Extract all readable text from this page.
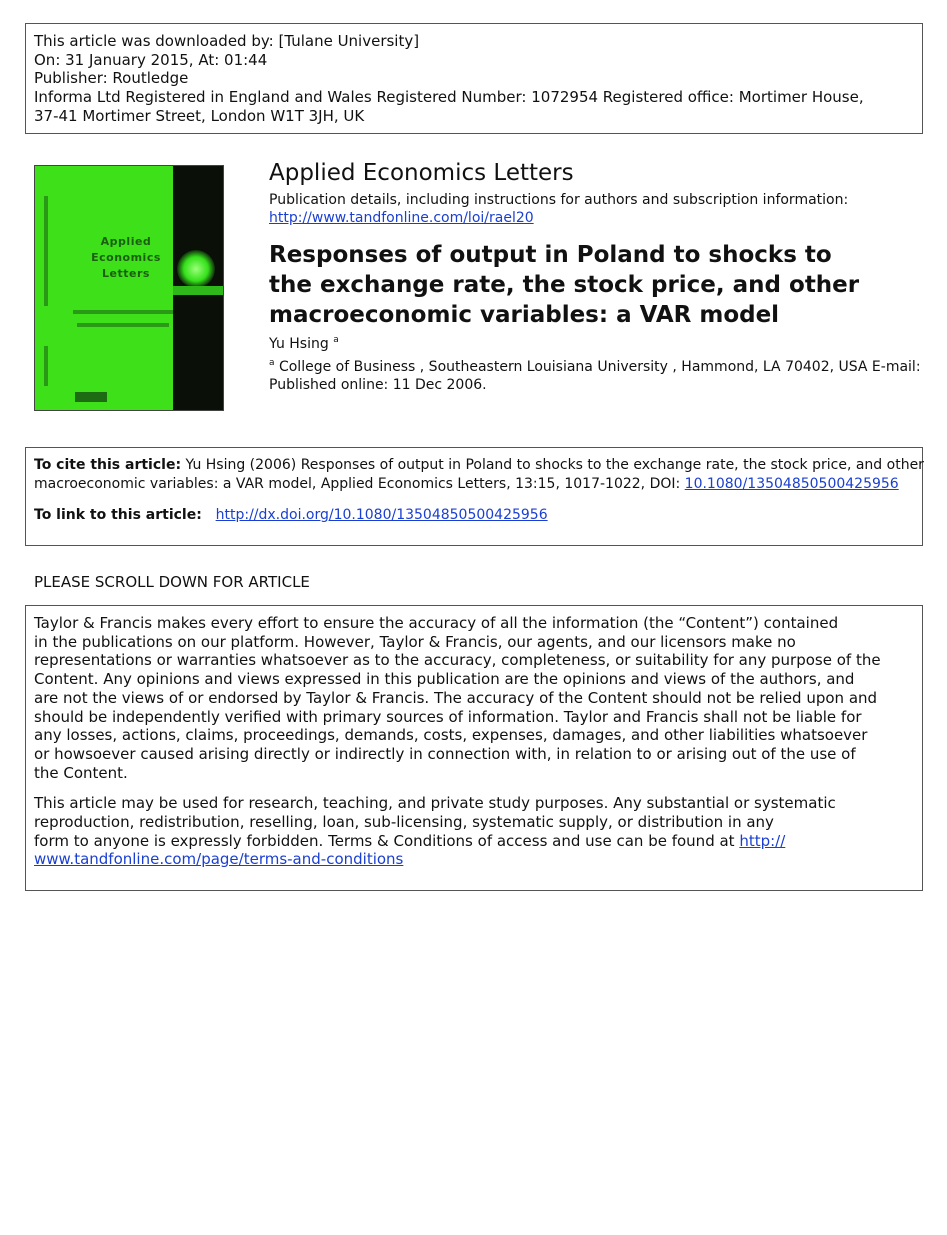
This article was downloaded by: [Tulane University]
On: 31 January 2015, At: 01:44
Publisher: Routledge
Informa Ltd Registered in England and Wales Registered Number: 1072954 Registered office: Mortimer House,
37-41 Mortimer Street, London W1T 3JH, UK
Applied
Economics
Letters
Applied Economics Letters
Publication details, including instructions for authors and subscription information:
http://www.tandfonline.com/loi/rael20
Responses of output in Poland to shocks to
the exchange rate, the stock price, and other
macroeconomic variables: a VAR model
Yu Hsing $^a$
$^a$ College of Business , Southeastern Louisiana University , Hammond, LA 70402, USA E-mail:
Published online: 11 Dec 2006.
To cite this article: Yu Hsing (2006) Responses of output in Poland to shocks to the exchange rate, the stock price, and other
macroeconomic variables: a VAR model, Applied Economics Letters, 13:15, 1017-1022, DOI: 10.1080/13504850500425956
To link to this article:   http://dx.doi.org/10.1080/13504850500425956
PLEASE SCROLL DOWN FOR ARTICLE

Taylor & Francis makes every effort to ensure the accuracy of all the information (the “Content”) contained
in the publications on our platform. However, Taylor & Francis, our agents, and our licensors make no
representations or warranties whatsoever as to the accuracy, completeness, or suitability for any purpose of the
Content. Any opinions and views expressed in this publication are the opinions and views of the authors, and
are not the views of or endorsed by Taylor & Francis. The accuracy of the Content should not be relied upon and
should be independently verified with primary sources of information. Taylor and Francis shall not be liable for
any losses, actions, claims, proceedings, demands, costs, expenses, damages, and other liabilities whatsoever
or howsoever caused arising directly or indirectly in connection with, in relation to or arising out of the use of
the Content.

This article may be used for research, teaching, and private study purposes. Any substantial or systematic
reproduction, redistribution, reselling, loan, sub-licensing, systematic supply, or distribution in any
form to anyone is expressly forbidden. Terms & Conditions of access and use can be found at http://
www.tandfonline.com/page/terms-and-conditions
